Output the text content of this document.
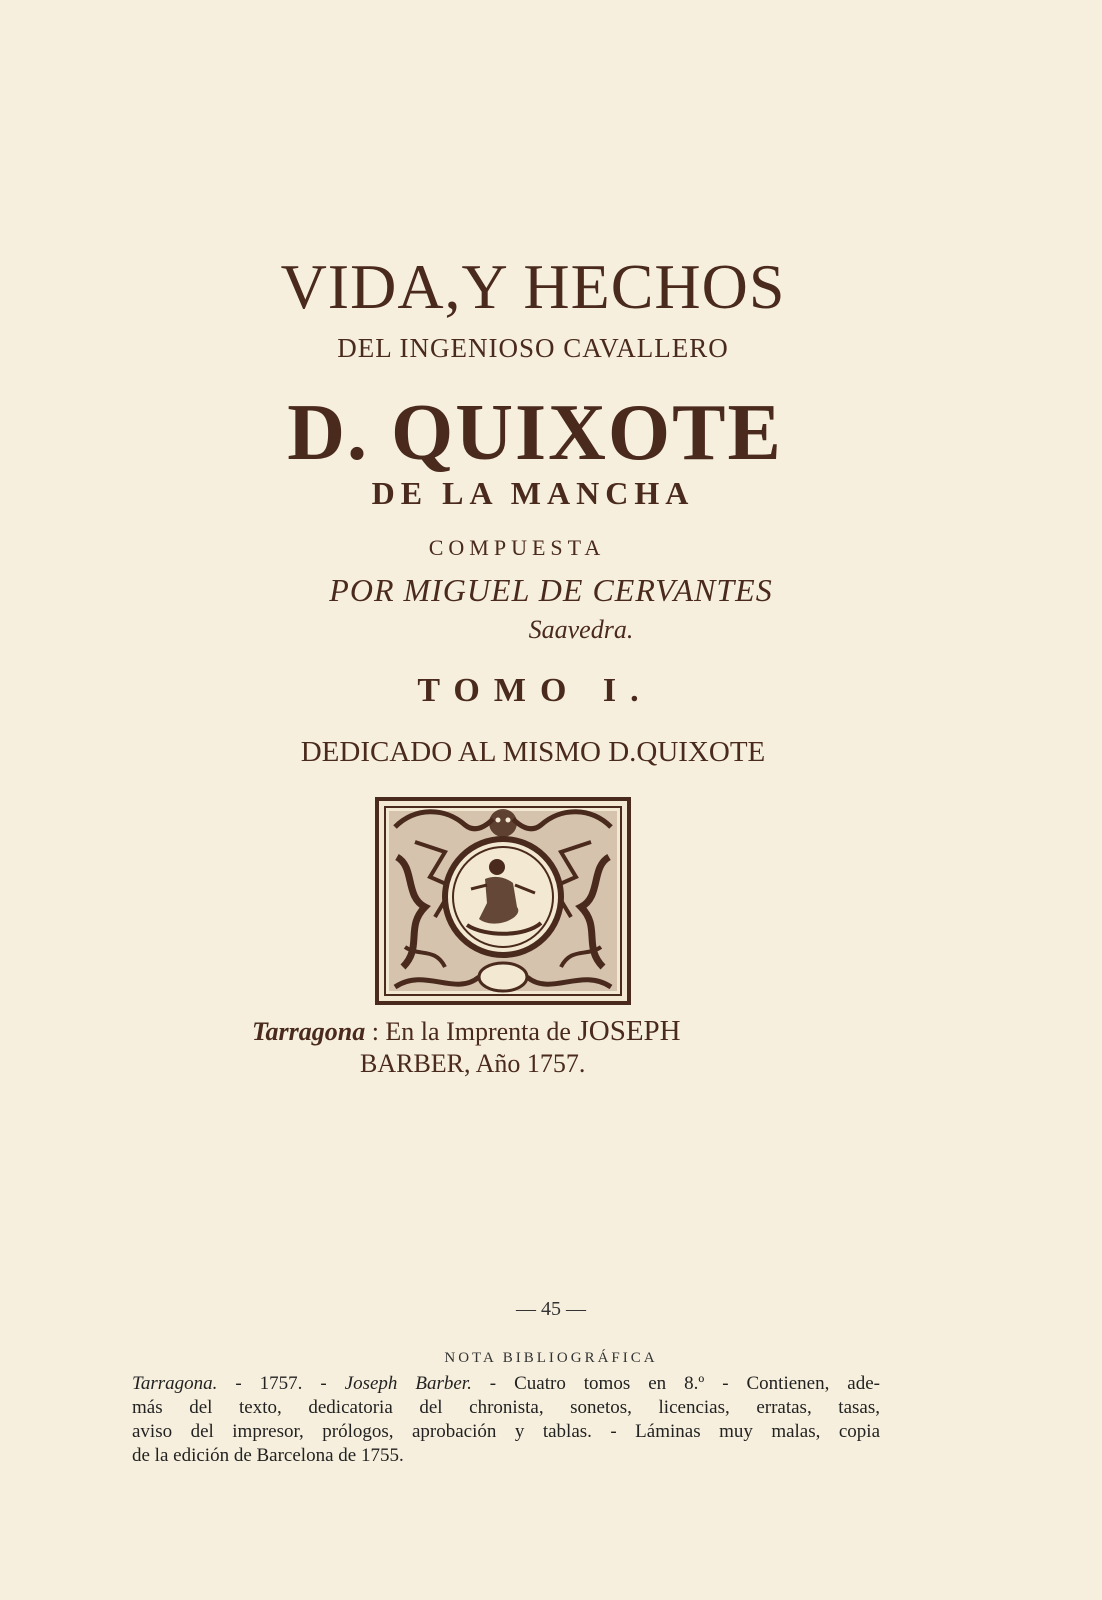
VIDA,Y HECHOS
DEL INGENIOSO CAVALLERO
D. QUIXOTE
DE LA MANCHA
COMPUESTA
POR MIGUEL DE CERVANTES
Saavedra.
TOMO I.
DEDICADO AL MISMO D.QUIXOTE
Tarragona : En la Imprenta de JOSEPH
BARBER, Año 1757.
— 45 —
NOTA BIBLIOGRÁFICA
Tarragona. - 1757. - Joseph Barber. - Cuatro tomos en 8.º - Contienen, ade-
más del texto, dedicatoria del chronista, sonetos, licencias, erratas, tasas,
aviso del impresor, prólogos, aprobación y tablas. - Láminas muy malas, copia
de la edición de Barcelona de 1755.
